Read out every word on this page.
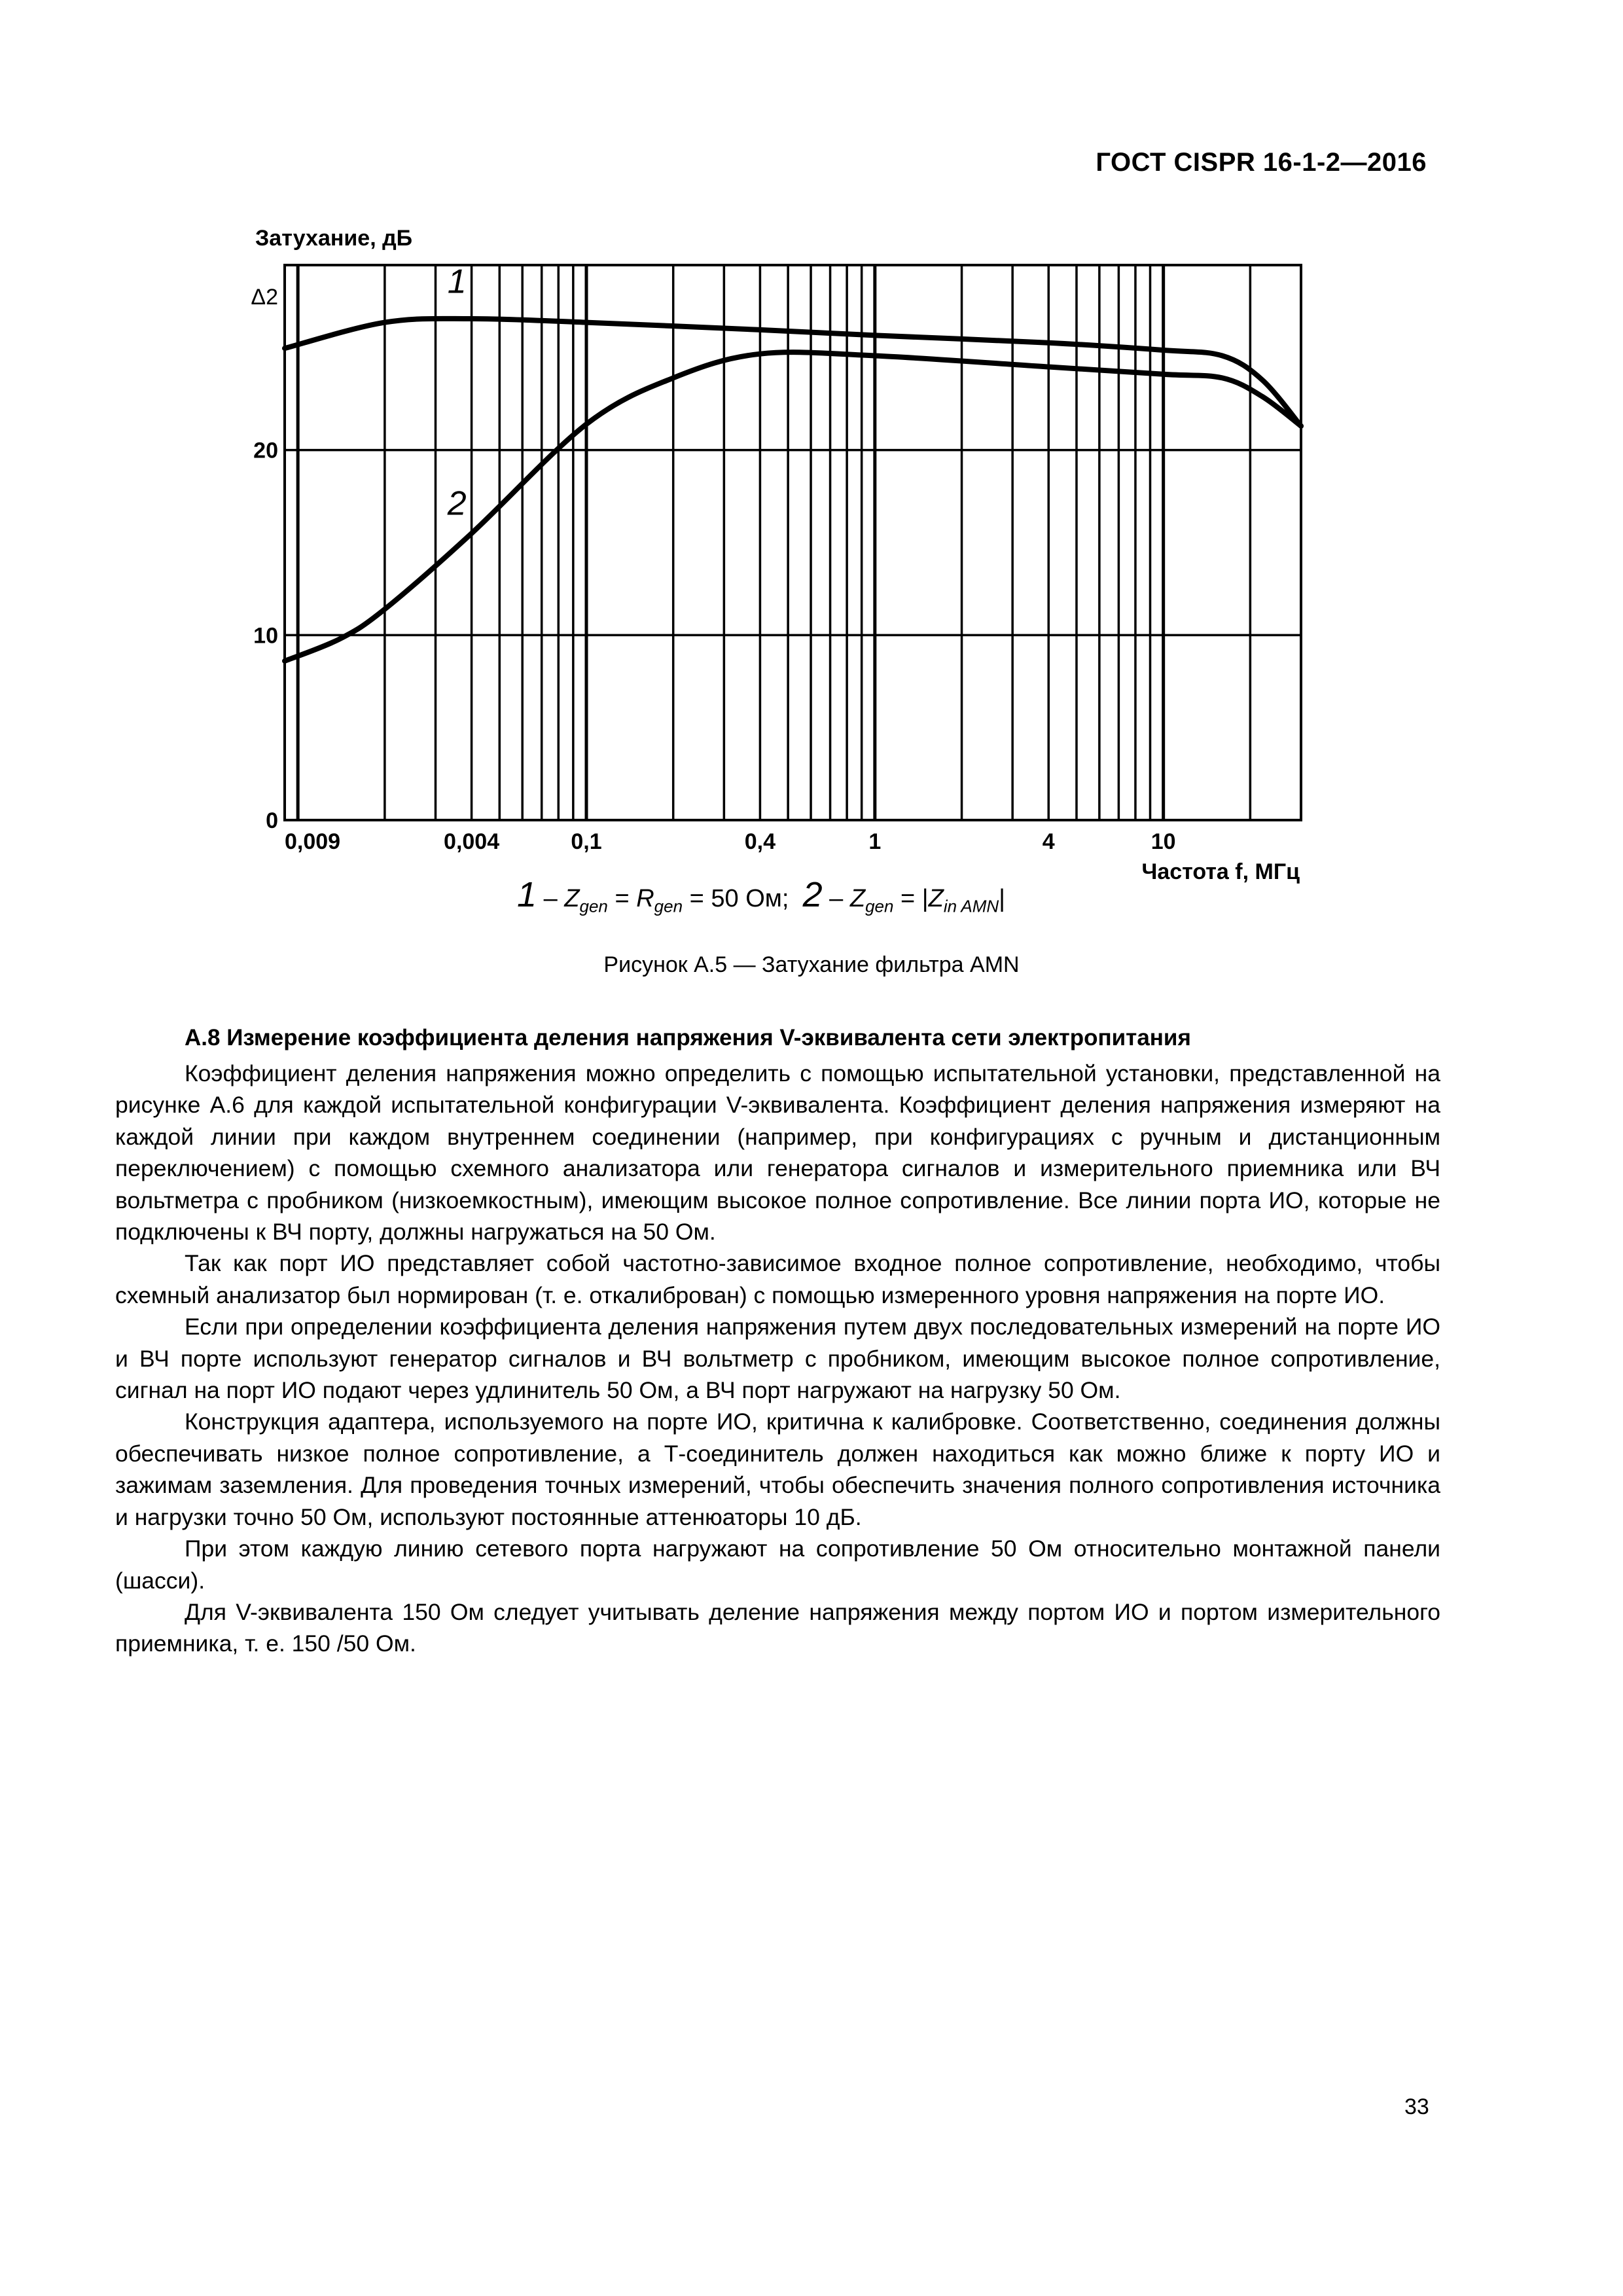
ГОСТ CISPR 16-1-2—2016
Затухание, дБ
0
10
20
Δ2
0,009	0,004	0,1	0,4	1	4	10
Частота f, МГц
1
2
$1 - Z_{gen} = R_{gen} = 50$ Ом; $2 - Z_{gen} = |Z_{in AMN}|$
Рисунок А.5 — Затухание фильтра AMN
А.8 Измерение коэффициента деления напряжения V-эквивалента сети электропитания

Коэффициент деления напряжения можно определить с помощью испытательной установки, представленной на рисунке А.6 для каждой испытательной конфигурации V-эквивалента. Коэффициент деления напряжения измеряют на каждой линии при каждом внутреннем соединении (например, при конфигурациях с ручным и дистанционным переключением) с помощью схемного анализатора или генератора сигналов и измерительного приемника или ВЧ вольтметра с пробником (низкоемкостным), имеющим высокое полное сопротивление. Все линии порта ИО, которые не подключены к ВЧ порту, должны нагружаться на 50 Ом.

Так как порт ИО представляет собой частотно-зависимое входное полное сопротивление, необходимо, чтобы схемный анализатор был нормирован (т. е. откалиброван) с помощью измеренного уровня напряжения на порте ИО.

Если при определении коэффициента деления напряжения путем двух последовательных измерений на порте ИО и ВЧ порте используют генератор сигналов и ВЧ вольтметр с пробником, имеющим высокое полное сопротивление, сигнал на порт ИО подают через удлинитель 50 Ом, а ВЧ порт нагружают на нагрузку 50 Ом.

Конструкция адаптера, используемого на порте ИО, критична к калибровке. Соответственно, соединения должны обеспечивать низкое полное сопротивление, а Т-соединитель должен находиться как можно ближе к порту ИО и зажимам заземления. Для проведения точных измерений, чтобы обеспечить значения полного сопротивления источника и нагрузки точно 50 Ом, используют постоянные аттенюаторы 10 дБ.

При этом каждую линию сетевого порта нагружают на сопротивление 50 Ом относительно монтажной панели (шасси).

Для V-эквивалента 150 Ом следует учитывать деление напряжения между портом ИО и портом измерительного приемника, т. е. 150 /50 Ом.

33
